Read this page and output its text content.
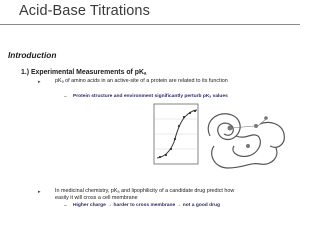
Acid-Base Titrations
Introduction
1.) Experimental Measurements of pKₐ
▸	pKₐ of amino acids in an active-site of a protein are related to its function
– Protein structure and environment significantly perturb pKₐ values
▸	In medicinal chemistry, pKₐ and lipophilicity of a candidate drug predict how
easily it will cross a cell membrane
– Higher charge → harder to cross membrane → not a good drug
